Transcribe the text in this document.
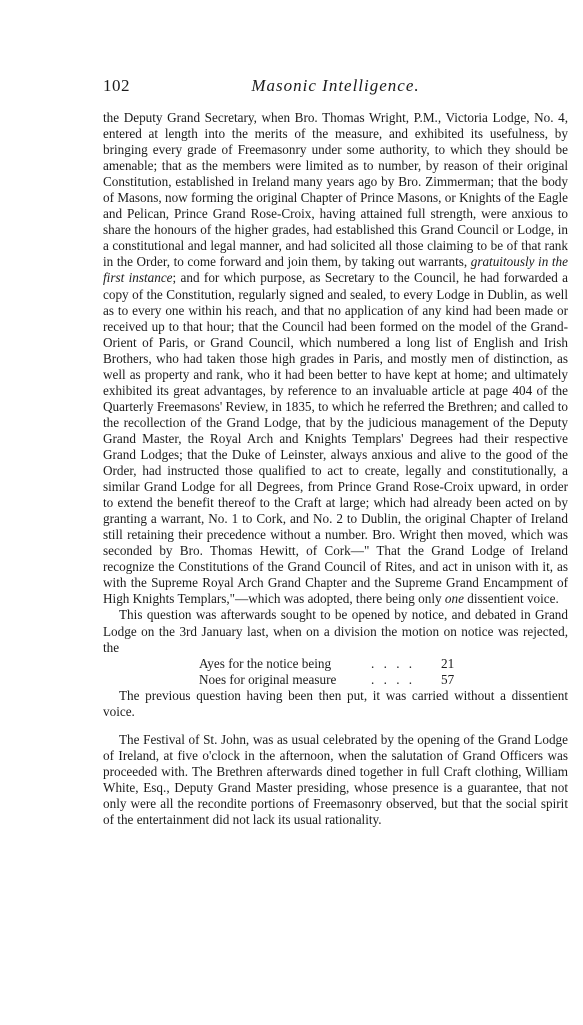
102	Masonic Intelligence.

the Deputy Grand Secretary, when Bro. Thomas Wright, P.M., Victoria Lodge, No. 4, entered at length into the merits of the measure, and exhibited its usefulness, by bringing every grade of Freemasonry under some authority, to which they should be amenable; that as the members were limited as to number, by reason of their original Constitution, established in Ireland many years ago by Bro. Zimmerman; that the body of Masons, now forming the original Chapter of Prince Masons, or Knights of the Eagle and Pelican, Prince Grand Rose-Croix, having attained full strength, were anxious to share the honours of the higher grades, had established this Grand Council or Lodge, in a constitutional and legal manner, and had solicited all those claiming to be of that rank in the Order, to come forward and join them, by taking out warrants, gratuitously in the first instance; and for which purpose, as Secretary to the Council, he had forwarded a copy of the Constitution, regularly signed and sealed, to every Lodge in Dublin, as well as to every one within his reach, and that no application of any kind had been made or received up to that hour; that the Council had been formed on the model of the Grand-Orient of Paris, or Grand Council, which numbered a long list of English and Irish Brothers, who had taken those high grades in Paris, and mostly men of distinction, as well as property and rank, who it had been better to have kept at home; and ultimately exhibited its great advantages, by reference to an invaluable article at page 404 of the Quarterly Freemasons' Review, in 1835, to which he referred the Brethren; and called to the recollection of the Grand Lodge, that by the judicious management of the Deputy Grand Master, the Royal Arch and Knights Templars' Degrees had their respective Grand Lodges; that the Duke of Leinster, always anxious and alive to the good of the Order, had instructed those qualified to act to create, legally and constitutionally, a similar Grand Lodge for all Degrees, from Prince Grand Rose-Croix upward, in order to extend the benefit thereof to the Craft at large; which had already been acted on by granting a warrant, No. 1 to Cork, and No. 2 to Dublin, the original Chapter of Ireland still retaining their precedence without a number. Bro. Wright then moved, which was seconded by Bro. Thomas Hewitt, of Cork—" That the Grand Lodge of Ireland recognize the Constitutions of the Grand Council of Rites, and act in unison with it, as with the Supreme Royal Arch Grand Chapter and the Supreme Grand Encampment of High Knights Templars,"—which was adopted, there being only one dissentient voice.

This question was afterwards sought to be opened by notice, and debated in Grand Lodge on the 3rd January last, when on a division the motion on notice was rejected, the

Ayes for the notice being	. . . .	21
Noes for original measure	. . . .	57

The previous question having been then put, it was carried without a dissentient voice.

The Festival of St. John, was as usual celebrated by the opening of the Grand Lodge of Ireland, at five o'clock in the afternoon, when the salutation of Grand Officers was proceeded with. The Brethren afterwards dined together in full Craft clothing, William White, Esq., Deputy Grand Master presiding, whose presence is a guarantee, that not only were all the recondite portions of Freemasonry observed, but that the social spirit of the entertainment did not lack its usual rationality.
